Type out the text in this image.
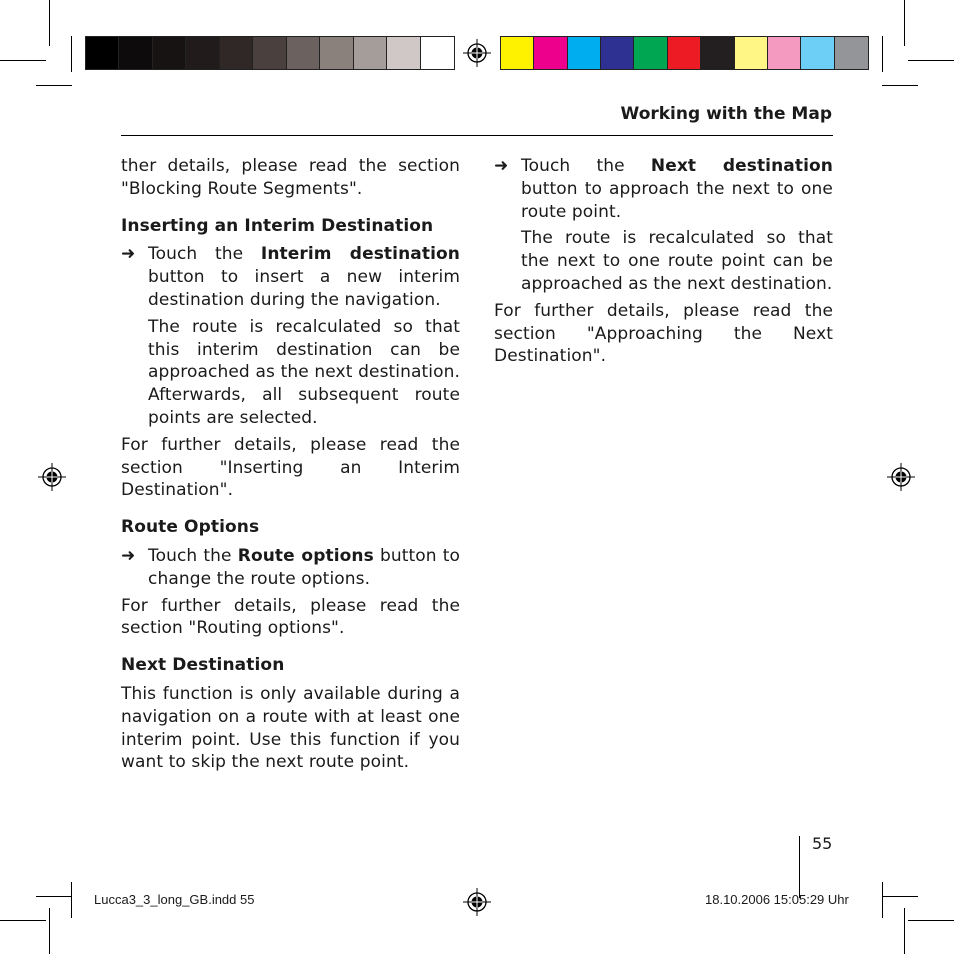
Working with the Map

ther details, please read the section "Blocking Route Segments".

Inserting an Interim Destination
➜ Touch the Interim destination button to insert a new interim destination during the navigation.

The route is recalculated so that this interim destination can be approached as the next destination. Afterwards, all subsequent route points are selected.

For further details, please read the section "Inserting an Interim Destination".

Route Options
➜ Touch the Route options button to change the route options.

For further details, please read the section "Routing options".

Next Destination

This function is only available during a navigation on a route with at least one interim point. Use this function if you want to skip the next route point.

➜ Touch the Next destination button to approach the next to one route point.

The route is recalculated so that the next to one route point can be approached as the next destination.

For further details, please read the section "Approaching the Next Destination".

55
Lucca3_3_long_GB.indd 55	18.10.2006 15:05:29 Uhr
